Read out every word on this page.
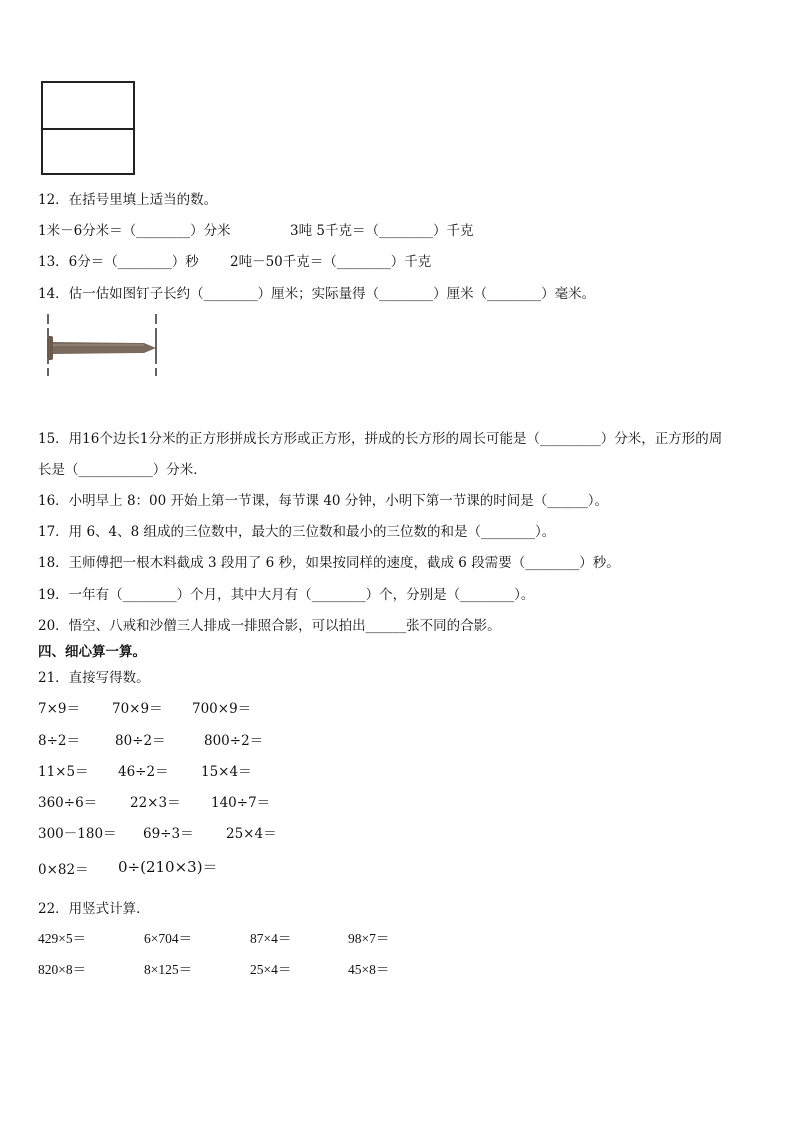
12．在括号里填上适当的数。
1米－6分米＝（________）分米	3吨 5千克＝（________）千克
13．6分＝（________）秒 2吨－50千克＝（________）千克
14．估一估如图钉子长约（________）厘米；实际量得（________）厘米（________）毫米。
15．用16个边长1分米的正方形拼成长方形或正方形，拼成的长方形的周长可能是（_________）分米，正方形的周
长是（___________）分米．
16．小明早上 8：00 开始上第一节课，每节课 40 分钟，小明下第一节课的时间是（______）。
17．用 6、4、8 组成的三位数中，最大的三位数和最小的三位数的和是（________）。
18．王师傅把一根木料截成 3 段用了 6 秒，如果按同样的速度，截成 6 段需要（________）秒。
19．一年有（________）个月，其中大月有（________）个，分别是（________）。
20．悟空、八戒和沙僧三人排成一排照合影，可以拍出______张不同的合影。
四、细心算一算。
21．直接写得数。
7×9＝ 70×9＝ 700×9＝
8÷2＝	80÷2＝	800÷2＝
11×5＝ 46÷2＝ 15×4＝
360÷6＝ 22×3＝ 140÷7＝
300－180＝ 69÷3＝ 25×4＝
0×82＝ 0÷(210×3)＝
22．用竖式计算．
429×5＝	6×704＝	87×4＝	98×7＝
820×8＝	8×125＝	25×4＝	45×8＝
